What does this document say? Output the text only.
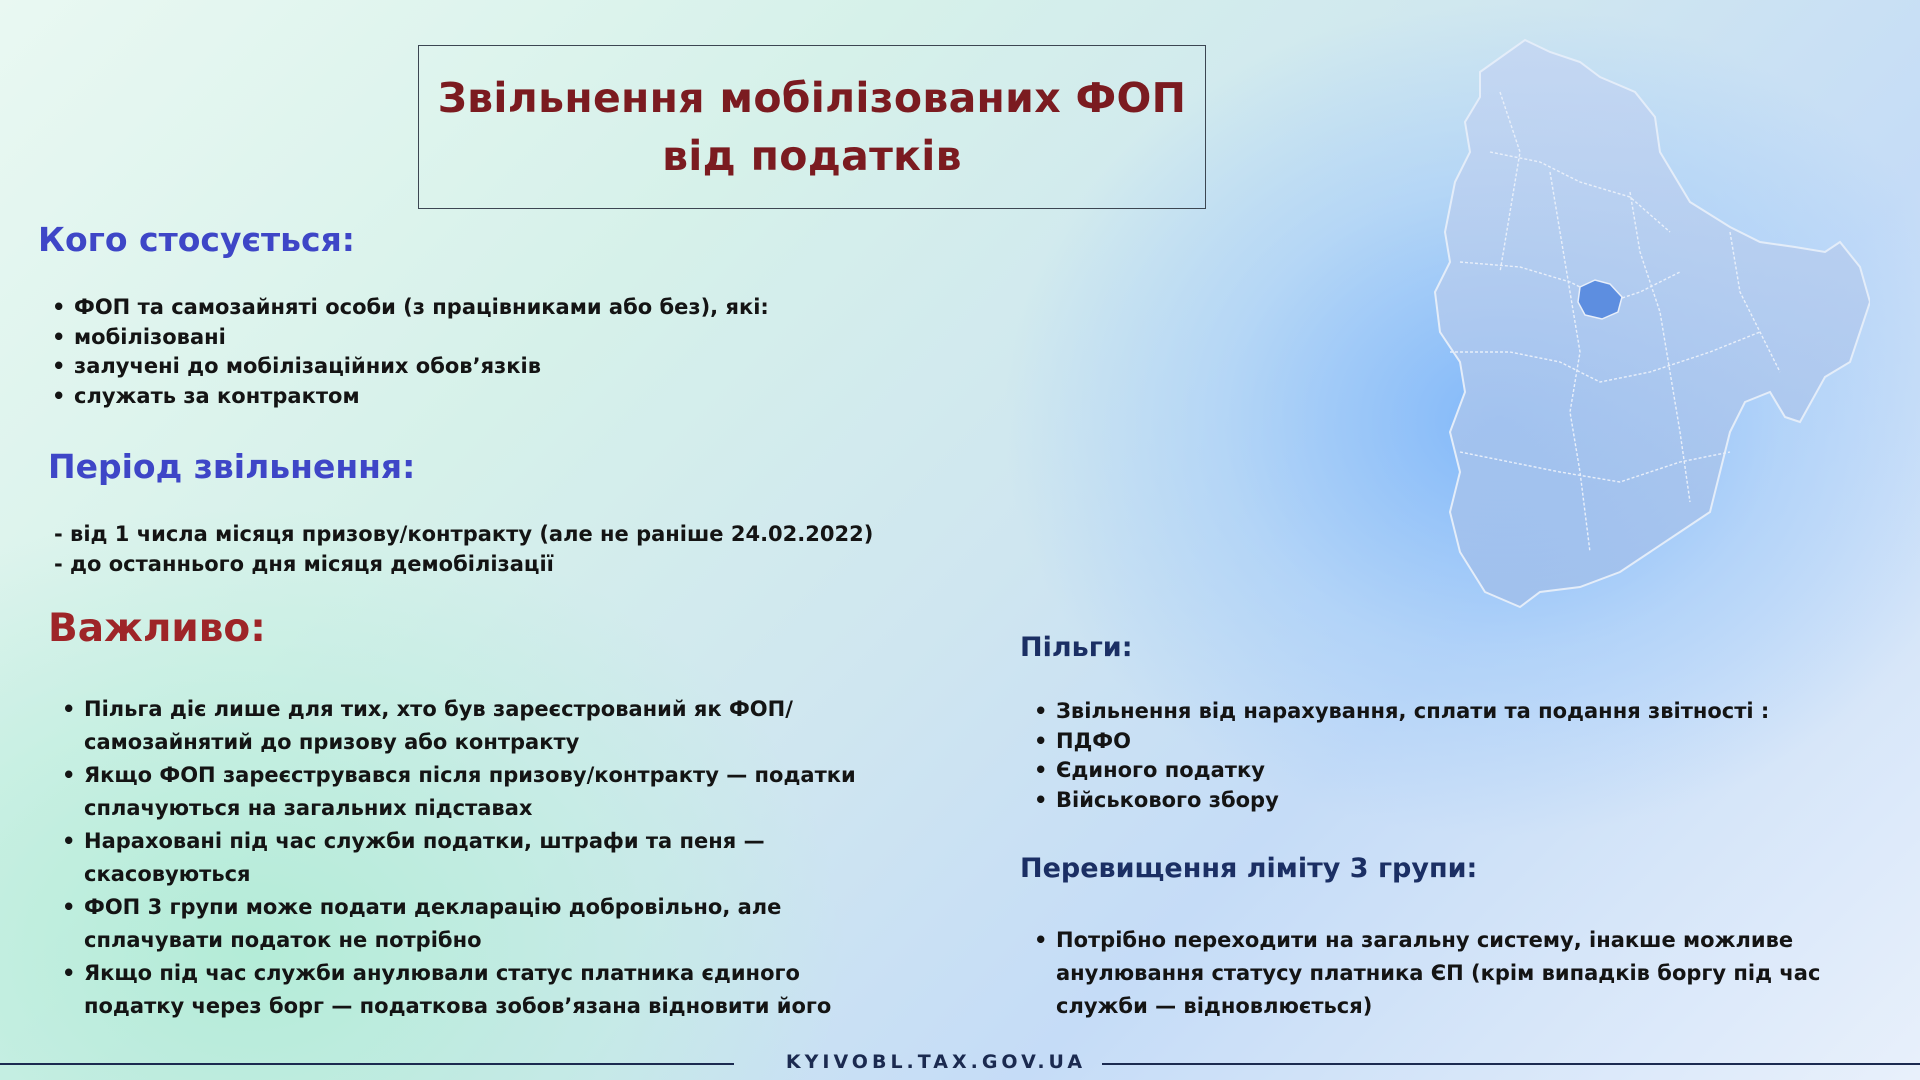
Звільнення мобілізованих ФОП
від податків
Кого стосується:
• ФОП та самозайняті особи (з працівниками або без), які:
• мобілізовані
• залучені до мобілізаційних обов’язків
• служать за контрактом
Період звільнення:
- від 1 числа місяця призову/контракту (але не раніше 24.02.2022)
- до останнього дня місяця демобілізації
Важливо:
• Пільга діє лише для тих, хто був зареєстрований як ФОП/
самозайнятий до призову або контракту
• Якщо ФОП зареєструвався після призову/контракту — податки
сплачуються на загальних підставах
• Нараховані під час служби податки, штрафи та пеня —
скасовуються
• ФОП 3 групи може подати декларацію добровільно, але
сплачувати податок не потрібно
• Якщо під час служби анулювали статус платника єдиного
податку через борг — податкова зобов’язана відновити його
Пільги:
• Звільнення від нарахування, сплати та подання звітності :
• ПДФО
• Єдиного податку
• Військового збору
Перевищення ліміту 3 групи:
• Потрібно переходити на загальну систему, інакше можливе
анулювання статусу платника ЄП (крім випадків боргу під час
служби — відновлюється)
KYIVOBL.TAX.GOV.UA
